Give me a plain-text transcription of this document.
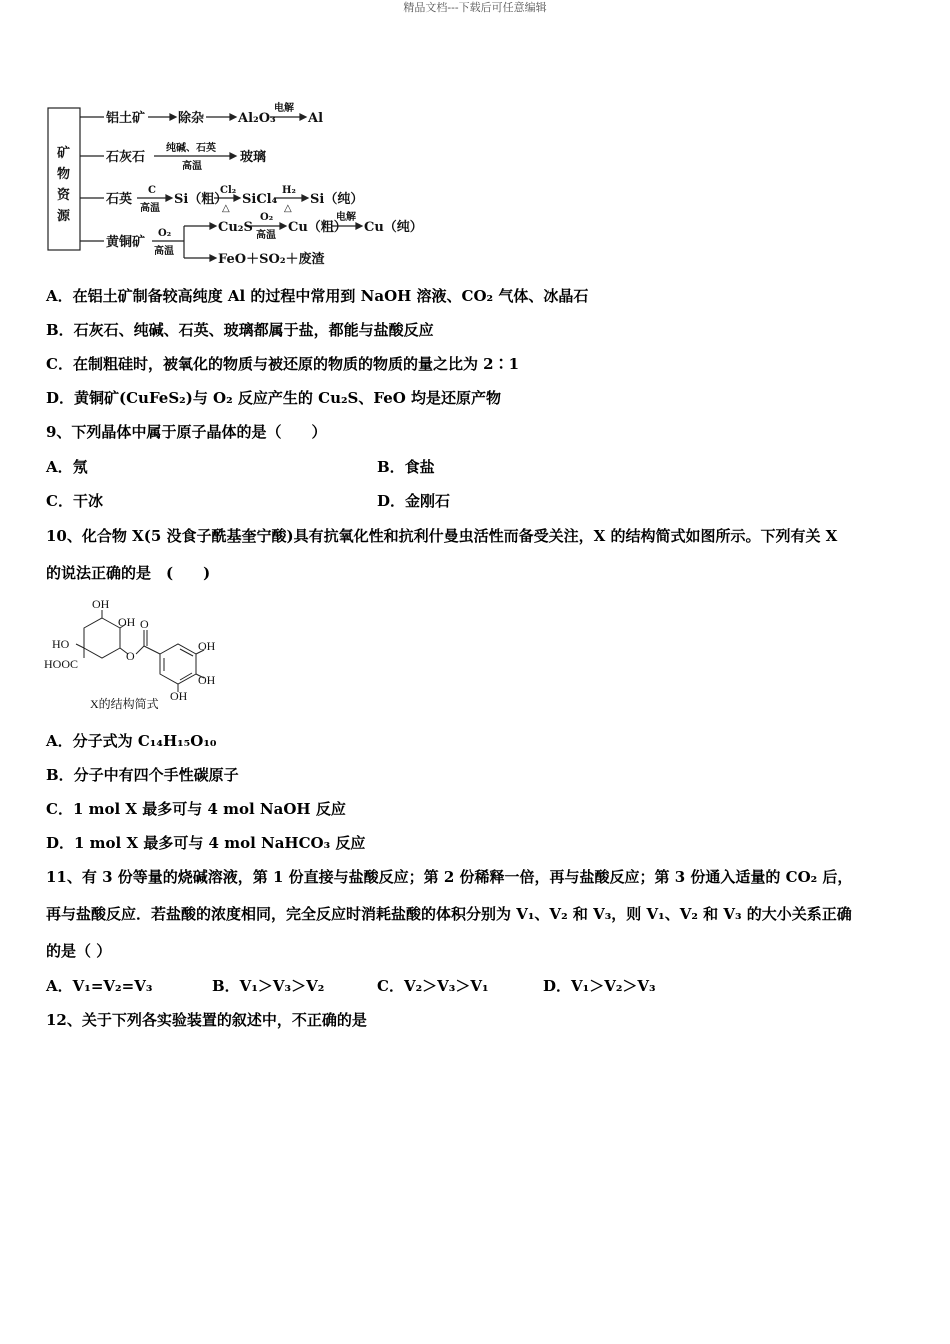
精品文档---下载后可任意编辑
矿
物
资
源
铝土矿	除杂	Al₂O₃
电解
Al
石灰石
纯碱、石英
高温
玻璃
石英
C
高温
Si（粗）
Cl₂
△
SiCl₄
H₂
△
Si（纯）
黄铜矿
O₂
高温
Cu₂S
O₂
高温
Cu（粗）
电解
Cu（纯）
FeO＋SO₂＋废渣
A．在铝土矿制备较高纯度 Al 的过程中常用到 NaOH 溶液、CO₂ 气体、冰晶石
B．石灰石、纯碱、石英、玻璃都属于盐，都能与盐酸反应
C．在制粗硅时，被氧化的物质与被还原的物质的物质的量之比为 2∶1
D．黄铜矿(CuFeS₂)与 O₂ 反应产生的 Cu₂S、FeO 均是还原产物
9、下列晶体中属于原子晶体的是（　　）
A．氖	B．食盐
C．干冰	D．金刚石
10、化合物 X(5 没食子酰基奎宁酸)具有抗氧化性和抗利什曼虫活性而备受关注，X 的结构简式如图所示。下列有关 X
的说法正确的是　(　　)
OH
OH
HO
HOOC
O
O
OH
OH
OH
X的结构简式
A．分子式为 C₁₄H₁₅O₁₀
B．分子中有四个手性碳原子
C．1 mol X 最多可与 4 mol NaOH 反应
D．1 mol X 最多可与 4 mol NaHCO₃ 反应
11、有 3 份等量的烧碱溶液，第 1 份直接与盐酸反应；第 2 份稀释一倍，再与盐酸反应；第 3 份通入适量的 CO₂ 后，
再与盐酸反应．若盐酸的浓度相同，完全反应时消耗盐酸的体积分别为 V₁、V₂ 和 V₃，则 V₁、V₂ 和 V₃ 的大小关系正确
的是（ ）
A．V₁=V₂=V₃	B．V₁＞V₃＞V₂	C．V₂＞V₃＞V₁	D．V₁＞V₂＞V₃
12、关于下列各实验装置的叙述中，不正确的是
